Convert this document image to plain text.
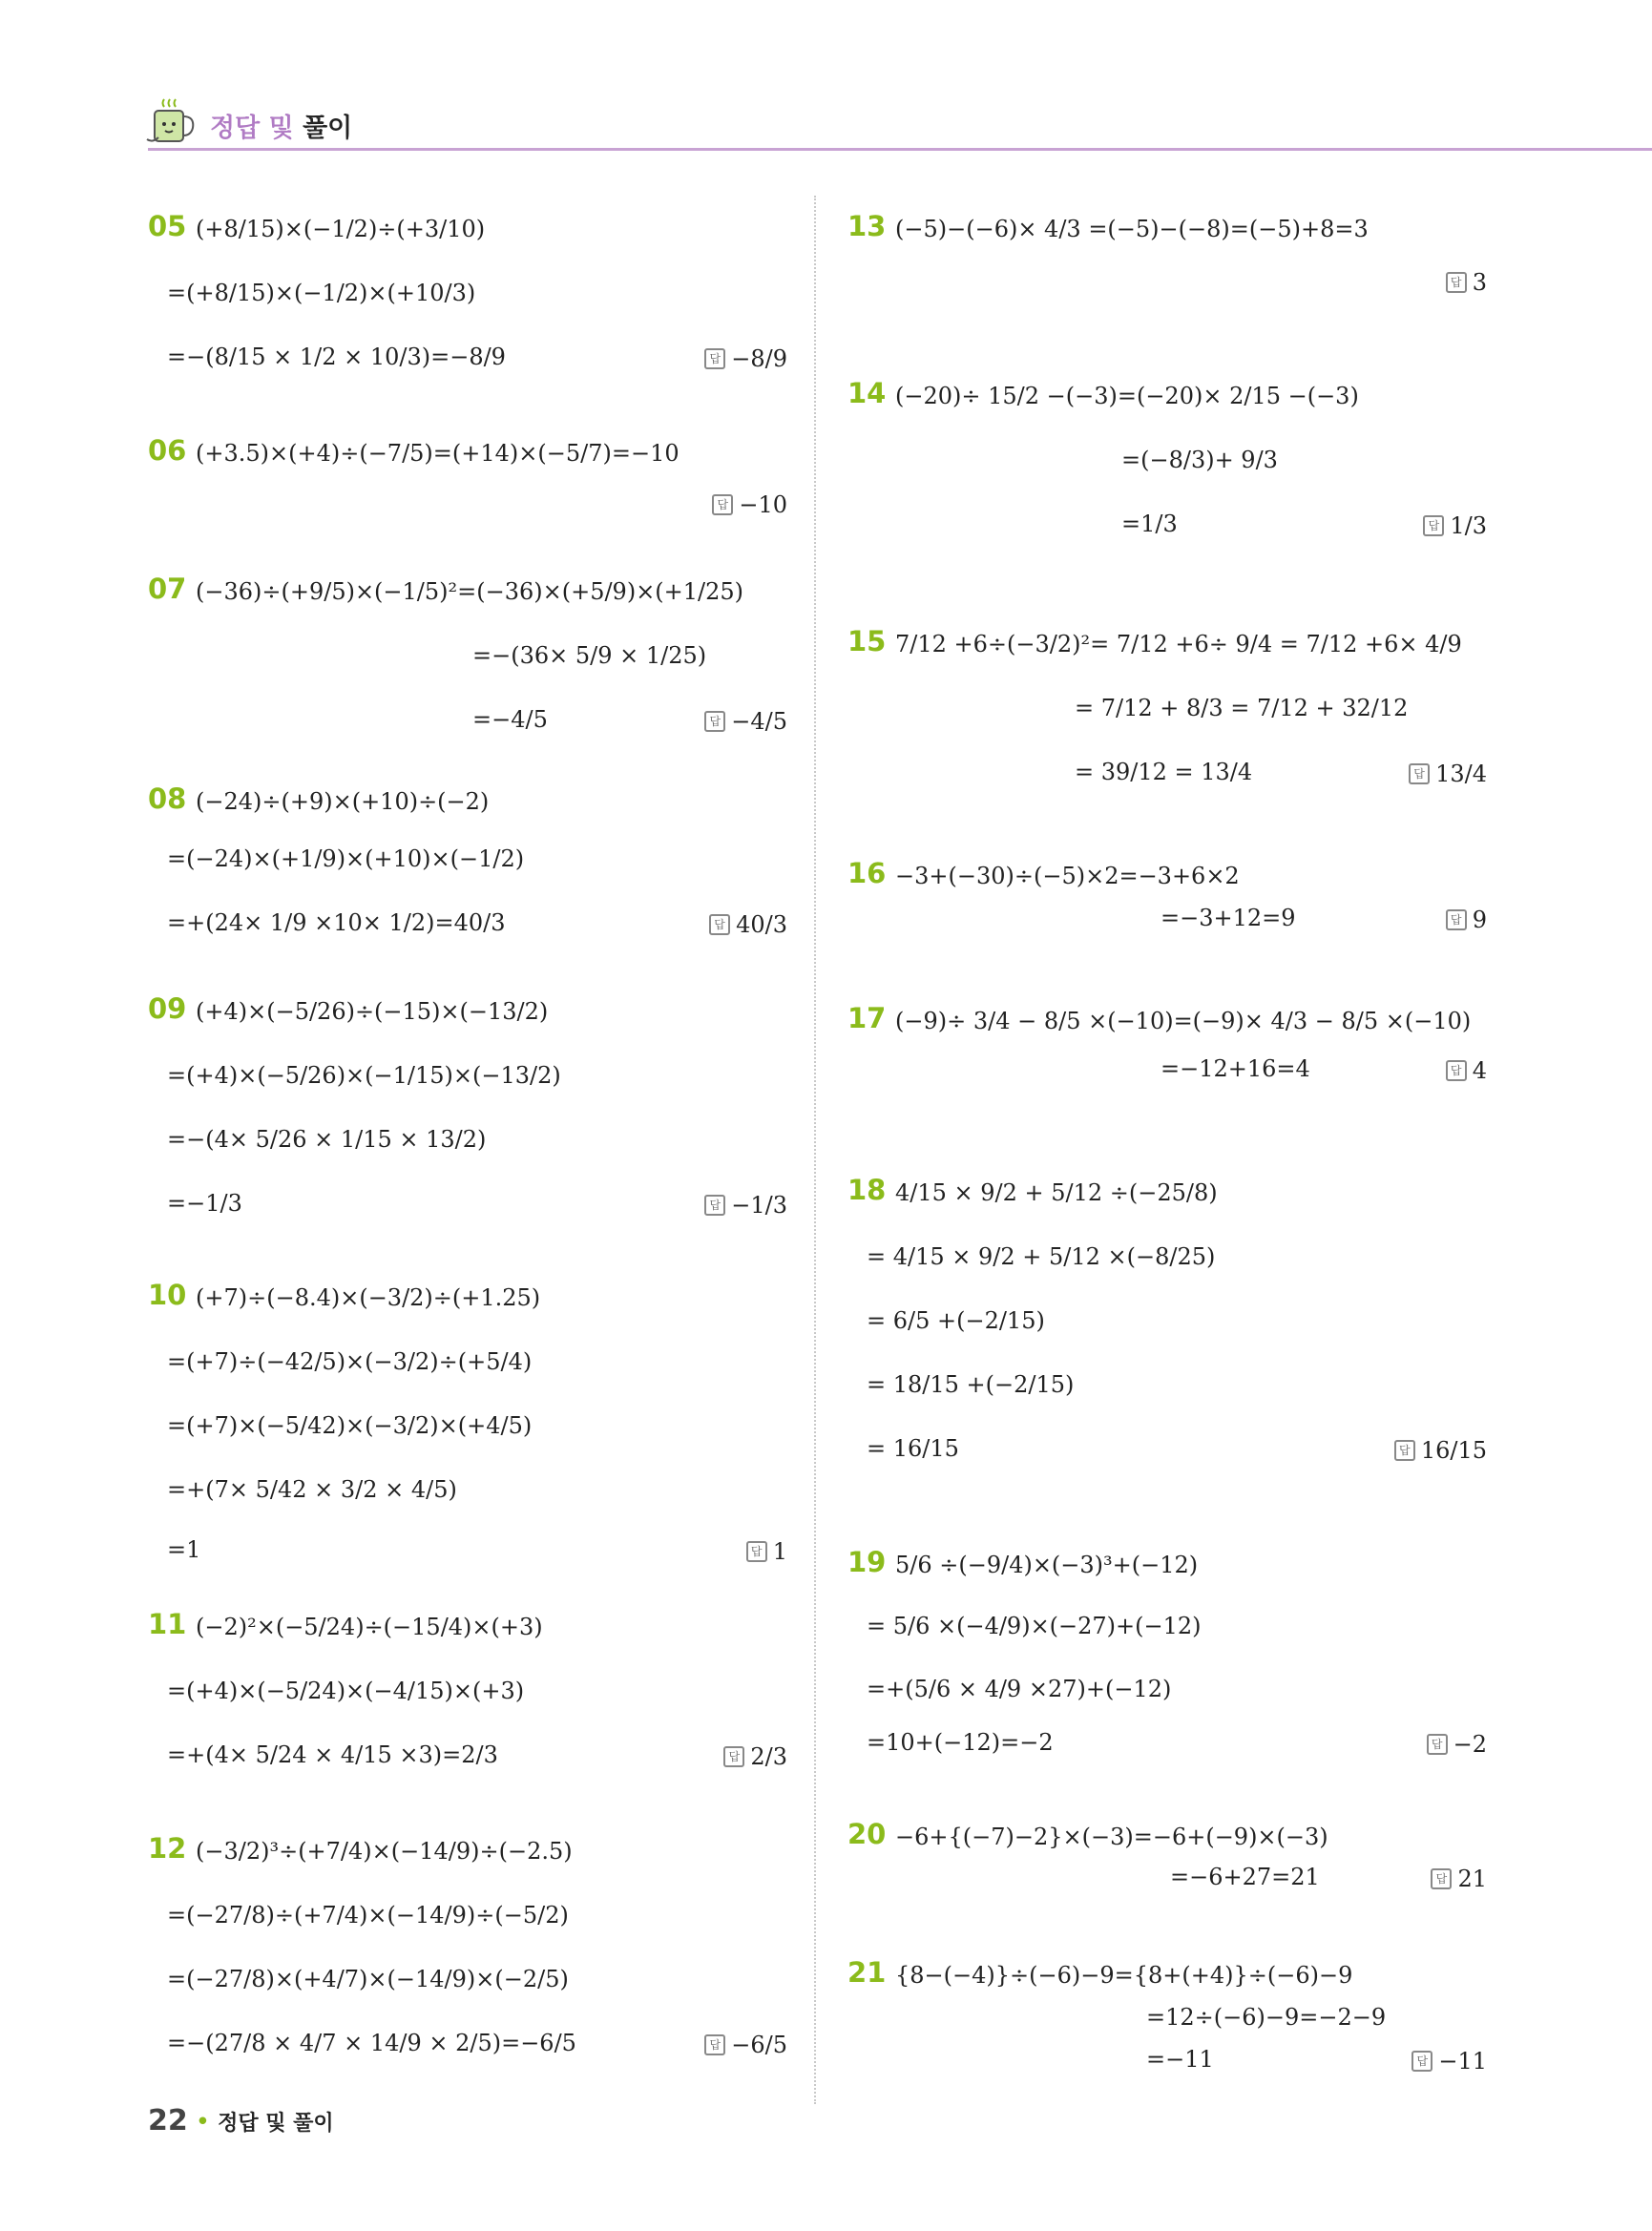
정답 및 풀이
05 (+8/15)×(−1/2)÷(+3/10)
=(+8/15)×(−1/2)×(+10/3)
=−(8/15 × 1/2 × 10/3)=−8/9 답	−8/9
06 (+3.5)×(+4)÷(−7/5)=(+14)×(−5/7)=−10
답
−10
07 (−36)÷(+9/5)×(−1/5)²=(−36)×(+5/9)×(+1/25)
=−(36× 5/9 × 1/25)
=−4/5 답	−4/5
08 (−24)÷(+9)×(+10)÷(−2)
=(−24)×(+1/9)×(+10)×(−1/2)
=+(24× 1/9 ×10× 1/2)=40/3 답	40/3
09 (+4)×(−5/26)÷(−15)×(−13/2)
=(+4)×(−5/26)×(−1/15)×(−13/2)
=−(4× 5/26 × 1/15 × 13/2)
=−1/3 답	−1/3
10 (+7)÷(−8.4)×(−3/2)÷(+1.25)
=(+7)÷(−42/5)×(−3/2)÷(+5/4)
=(+7)×(−5/42)×(−3/2)×(+4/5)
=+(7× 5/42 × 3/2 × 4/5)
=1 답	1
11 (−2)²×(−5/24)÷(−15/4)×(+3)
=(+4)×(−5/24)×(−4/15)×(+3)
=+(4× 5/24 × 4/15 ×3)=2/3 답	2/3
12 (−3/2)³÷(+7/4)×(−14/9)÷(−2.5)
=(−27/8)÷(+7/4)×(−14/9)÷(−5/2)
=(−27/8)×(+4/7)×(−14/9)×(−2/5)
=−(27/8 × 4/7 × 14/9 × 2/5)=−6/5 답	−6/5
13 (−5)−(−6)× 4/3 =(−5)−(−8)=(−5)+8=3
답
3
14 (−20)÷ 15/2 −(−3)=(−20)× 2/15 −(−3)
=(−8/3)+ 9/3
=1/3 답	1/3
15 7/12 +6÷(−3/2)²= 7/12 +6÷ 9/4 = 7/12 +6× 4/9
= 7/12 + 8/3 = 7/12 + 32/12
= 39/12 = 13/4 답	13/4
16 −3+(−30)÷(−5)×2=−3+6×2
=−3+12=9 답	9
17 (−9)÷ 3/4 − 8/5 ×(−10)=(−9)× 4/3 − 8/5 ×(−10)
=−12+16=4 답	4
18 4/15 × 9/2 + 5/12 ÷(−25/8)
= 4/15 × 9/2 + 5/12 ×(−8/25)
= 6/5 +(−2/15)
= 18/15 +(−2/15)
= 16/15 답	16/15
19 5/6 ÷(−9/4)×(−3)³+(−12)
= 5/6 ×(−4/9)×(−27)+(−12)
=+(5/6 × 4/9 ×27)+(−12)
=10+(−12)=−2 답	−2
20 −6+{(−7)−2}×(−3)=−6+(−9)×(−3)
=−6+27=21 답	21
21 {8−(−4)}÷(−6)−9={8+(+4)}÷(−6)−9
=12÷(−6)−9=−2−9
=−11 답	−11
22 • 정답 및 풀이
